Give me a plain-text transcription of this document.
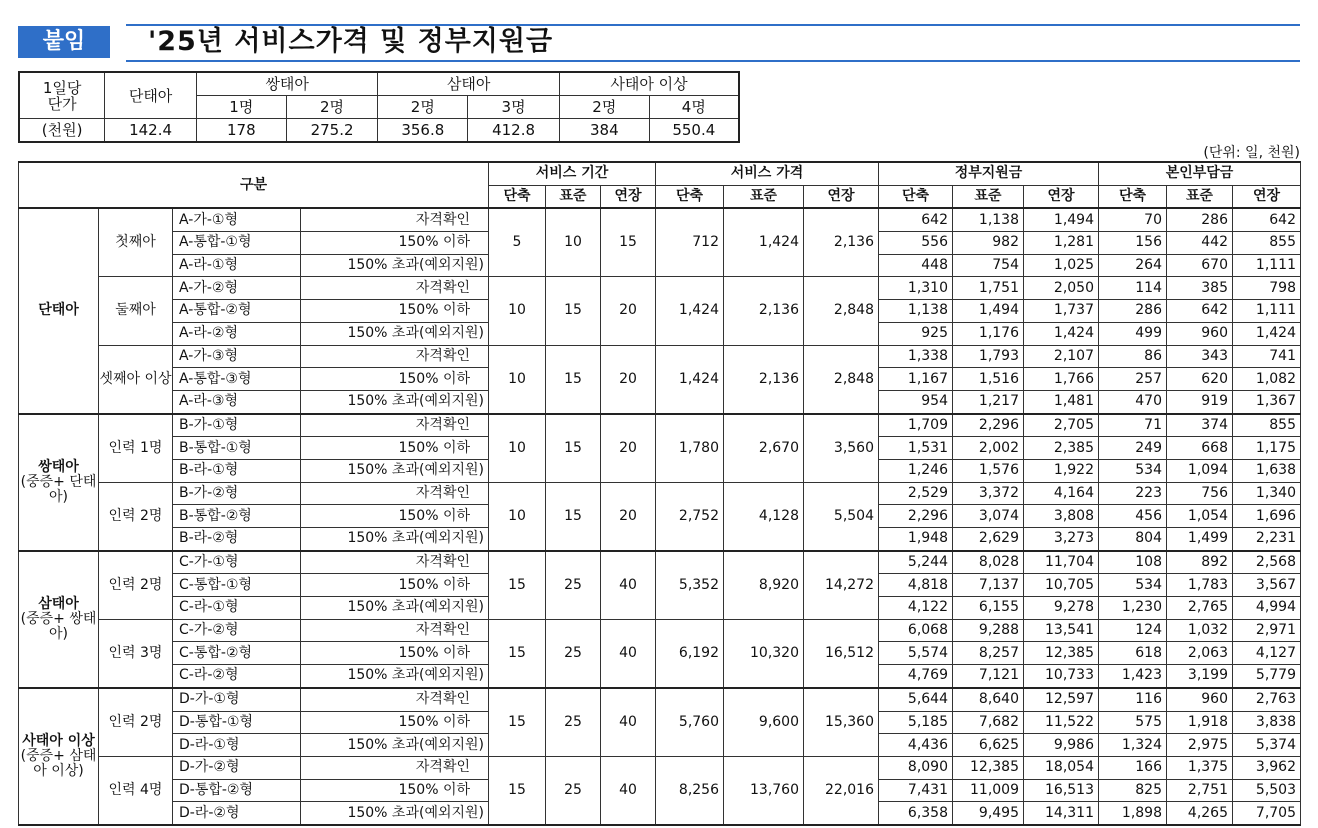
붙임	'25년 서비스가격 및 정부지원금
1일당
단가	단태아	쌍태아		삼태아		사태아 이상	
		1명	2명	2명	3명	2명	4명
(천원)	142.4	178	275.2	356.8	412.8	384	550.4
(단위: 일, 천원)
구분				서비스 기간			서비스 가격			정부지원금			본인부담금		
				단축	표준	연장	단축	표준	연장	단축	표준	연장	단축	표준	연장

단태아	첫째아	A-가-①형	자격확인	5	10	15	712	1,424	2,136	642	1,138	1,494	70	286	642
		A-통합-①형	150% 이하							556	982	1,281	156	442	855
		A-라-①형	150% 초과(예외지원)							448	754	1,025	264	670	1,111
	둘째아	A-가-②형	자격확인	10	15	20	1,424	2,136	2,848	1,310	1,751	2,050	114	385	798
		A-통합-②형	150% 이하							1,138	1,494	1,737	286	642	1,111
		A-라-②형	150% 초과(예외지원)							925	1,176	1,424	499	960	1,424
	셋째아 이상	A-가-③형	자격확인	10	15	20	1,424	2,136	2,848	1,338	1,793	2,107	86	343	741
		A-통합-③형	150% 이하							1,167	1,516	1,766	257	620	1,082
		A-라-③형	150% 초과(예외지원)							954	1,217	1,481	470	919	1,367

쌍태아
(중증+ 단태아)	인력 1명	B-가-①형	자격확인	10	15	20	1,780	2,670	3,560	1,709	2,296	2,705	71	374	855
		B-통합-①형	150% 이하							1,531	2,002	2,385	249	668	1,175
		B-라-①형	150% 초과(예외지원)							1,246	1,576	1,922	534	1,094	1,638
	인력 2명	B-가-②형	자격확인	10	15	20	2,752	4,128	5,504	2,529	3,372	4,164	223	756	1,340
		B-통합-②형	150% 이하							2,296	3,074	3,808	456	1,054	1,696
		B-라-②형	150% 초과(예외지원)							1,948	2,629	3,273	804	1,499	2,231

삼태아
(중증+ 쌍태아)	인력 2명	C-가-①형	자격확인	15	25	40	5,352	8,920	14,272	5,244	8,028	11,704	108	892	2,568
		C-통합-①형	150% 이하							4,818	7,137	10,705	534	1,783	3,567
		C-라-①형	150% 초과(예외지원)							4,122	6,155	9,278	1,230	2,765	4,994
	인력 3명	C-가-②형	자격확인	15	25	40	6,192	10,320	16,512	6,068	9,288	13,541	124	1,032	2,971
		C-통합-②형	150% 이하							5,574	8,257	12,385	618	2,063	4,127
		C-라-②형	150% 초과(예외지원)							4,769	7,121	10,733	1,423	3,199	5,779

사태아 이상
(중증+ 삼태아 이상)	인력 2명	D-가-①형	자격확인	15	25	40	5,760	9,600	15,360	5,644	8,640	12,597	116	960	2,763
		D-통합-①형	150% 이하							5,185	7,682	11,522	575	1,918	3,838
		D-라-①형	150% 초과(예외지원)							4,436	6,625	9,986	1,324	2,975	5,374
	인력 4명	D-가-②형	자격확인	15	25	40	8,256	13,760	22,016	8,090	12,385	18,054	166	1,375	3,962
		D-통합-②형	150% 이하							7,431	11,009	16,513	825	2,751	5,503
		D-라-②형	150% 초과(예외지원)							6,358	9,495	14,311	1,898	4,265	7,705
